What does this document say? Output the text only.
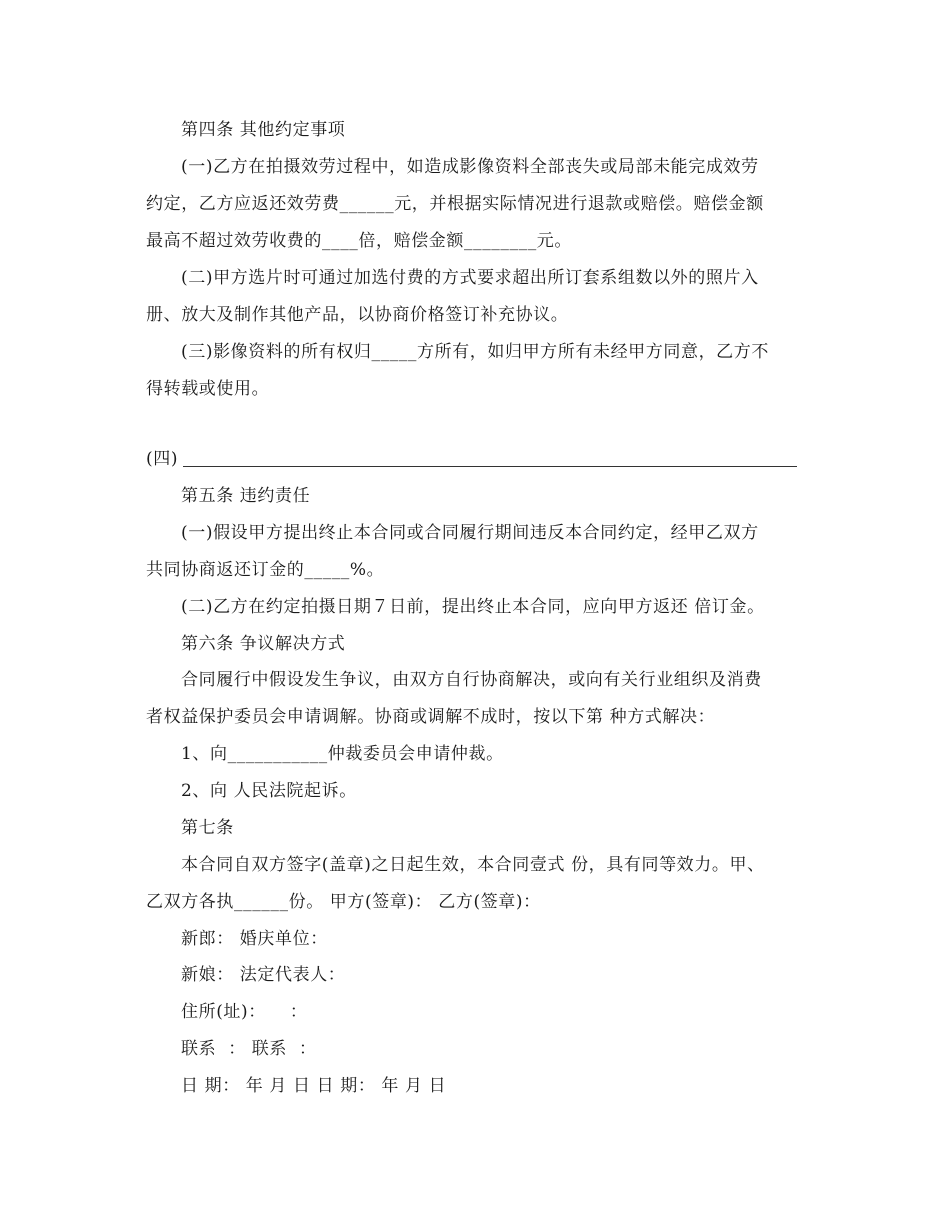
第四条 其他约定事项
(一)乙方在拍摄效劳过程中，如造成影像资料全部丧失或局部未能完成效劳
约定，乙方应返还效劳费______元，并根据实际情况进行退款或赔偿。赔偿金额
最高不超过效劳收费的____倍，赔偿金额________元。
(二)甲方选片时可通过加选付费的方式要求超出所订套系组数以外的照片入
册、放大及制作其他产品，以协商价格签订补充协议。
(三)影像资料的所有权归_____方所有，如归甲方所有未经甲方同意，乙方不
得转载或使用。
(四)
第五条 违约责任
(一)假设甲方提出终止本合同或合同履行期间违反本合同约定，经甲乙双方
共同协商返还订金的_____%。
(二)乙方在约定拍摄日期７日前，提出终止本合同，应向甲方返还 倍订金。
第六条 争议解决方式
合同履行中假设发生争议，由双方自行协商解决，或向有关行业组织及消费
者权益保护委员会申请调解。协商或调解不成时，按以下第 种方式解决：
1、向___________仲裁委员会申请仲裁。
2、向 人民法院起诉。
第七条
本合同自双方签字(盖章)之日起生效，本合同壹式 份，具有同等效力。甲、
乙双方各执______份。 甲方(签章)： 乙方(签章)：
新郎： 婚庆单位：
新娘： 法定代表人：
住所(址)：    ：
联系  ： 联系  ：
日 期： 年 月 日 日 期： 年 月 日
